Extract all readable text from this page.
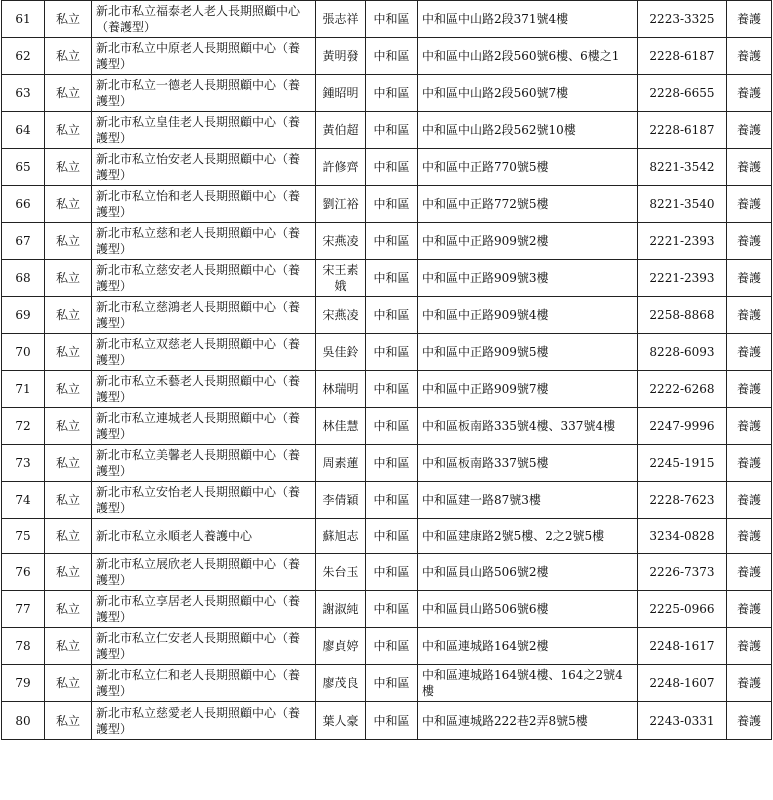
61	私立	新北市私立福泰老人老人長期照顧中心（養護型）	張志祥	中和區	中和區中山路2段371號4樓	2223-3325	養護
62	私立	新北市私立中原老人長期照顧中心（養護型）	黃明發	中和區	中和區中山路2段560號6樓、6樓之1	2228-6187	養護
63	私立	新北市私立一德老人長期照顧中心（養護型）	鍾昭明	中和區	中和區中山路2段560號7樓	2228-6655	養護
64	私立	新北市私立皇佳老人長期照顧中心（養護型）	黃伯超	中和區	中和區中山路2段562號10樓	2228-6187	養護
65	私立	新北市私立怡安老人長期照顧中心（養護型）	許修齊	中和區	中和區中正路770號5樓	8221-3542	養護
66	私立	新北市私立怡和老人長期照顧中心（養護型）	劉江裕	中和區	中和區中正路772號5樓	8221-3540	養護
67	私立	新北市私立慈和老人長期照顧中心（養護型）	宋燕凌	中和區	中和區中正路909號2樓	2221-2393	養護
68	私立	新北市私立慈安老人長期照顧中心（養護型）	宋王素娥	中和區	中和區中正路909號3樓	2221-2393	養護
69	私立	新北市私立慈鴻老人長期照顧中心（養護型）	宋燕凌	中和區	中和區中正路909號4樓	2258-8868	養護
70	私立	新北市私立双慈老人長期照顧中心（養護型）	吳佳鈴	中和區	中和區中正路909號5樓	8228-6093	養護
71	私立	新北市私立禾藝老人長期照顧中心（養護型）	林瑞明	中和區	中和區中正路909號7樓	2222-6268	養護
72	私立	新北市私立連城老人長期照顧中心（養護型）	林佳慧	中和區	中和區板南路335號4樓、337號4樓	2247-9996	養護
73	私立	新北市私立美馨老人長期照顧中心（養護型）	周素蓮	中和區	中和區板南路337號5樓	2245-1915	養護
74	私立	新北市私立安怡老人長期照顧中心（養護型）	李倩穎	中和區	中和區建一路87號3樓	2228-7623	養護
75	私立	新北市私立永順老人養護中心	蘇旭志	中和區	中和區建康路2號5樓、2之2號5樓	3234-0828	養護
76	私立	新北市私立展欣老人長期照顧中心（養護型）	朱台玉	中和區	中和區員山路506號2樓	2226-7373	養護
77	私立	新北市私立享居老人長期照顧中心（養護型）	謝淑純	中和區	中和區員山路506號6樓	2225-0966	養護
78	私立	新北市私立仁安老人長期照顧中心（養護型）	廖貞婷	中和區	中和區連城路164號2樓	2248-1617	養護
79	私立	新北市私立仁和老人長期照顧中心（養護型）	廖茂良	中和區	中和區連城路164號4樓、164之2號4樓	2248-1607	養護
80	私立	新北市私立慈愛老人長期照顧中心（養護型）	葉人豪	中和區	中和區連城路222巷2弄8號5樓	2243-0331	養護
